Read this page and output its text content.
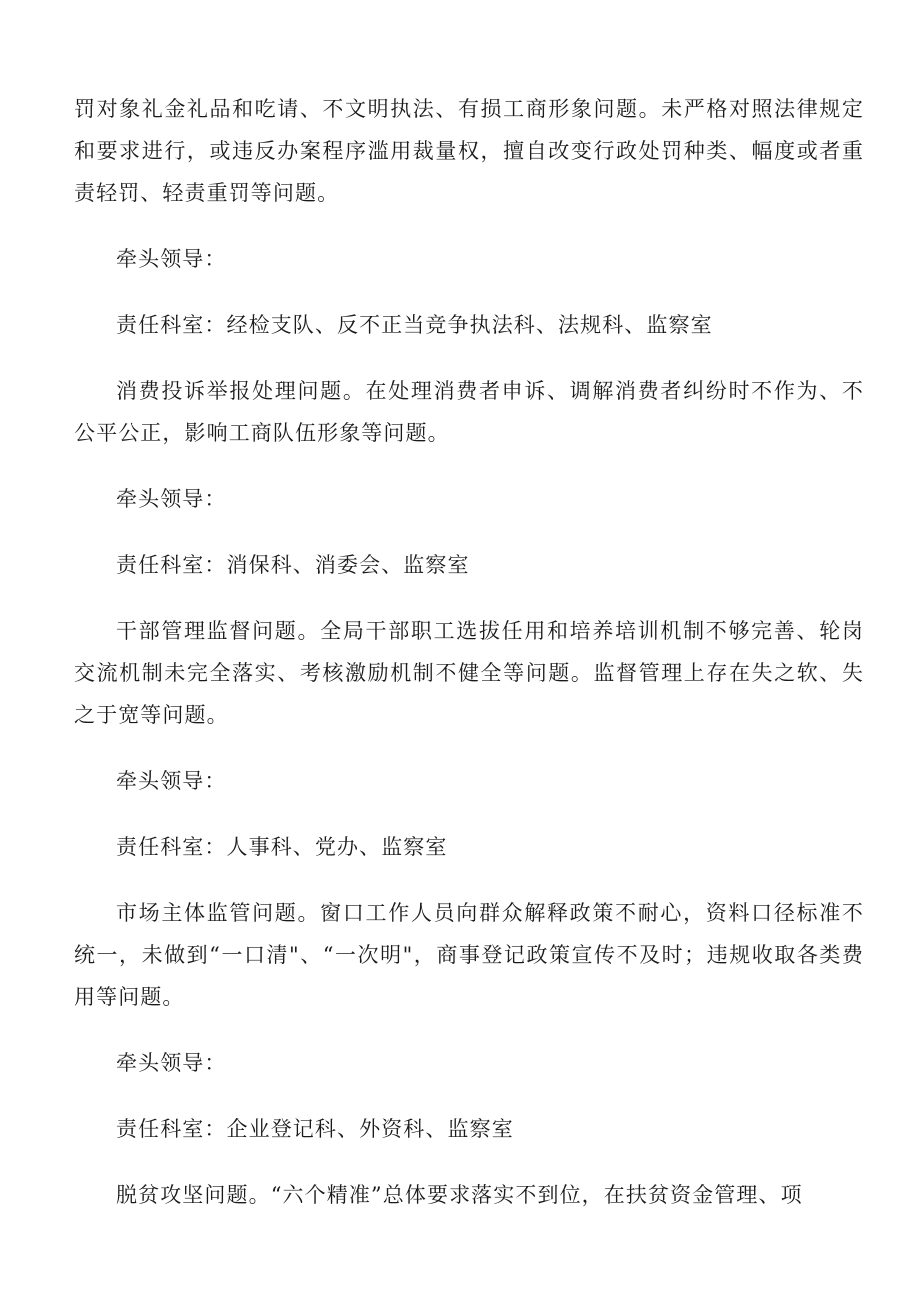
罚对象礼金礼品和吃请、不文明执法、有损工商形象问题。未严格对照法律规定和要求进行，或违反办案程序滥用裁量权，擅自改变行政处罚种类、幅度或者重责轻罚、轻责重罚等问题。

牵头领导：

责任科室：经检支队、反不正当竞争执法科、法规科、监察室

消费投诉举报处理问题。在处理消费者申诉、调解消费者纠纷时不作为、不公平公正，影响工商队伍形象等问题。

牵头领导：

责任科室：消保科、消委会、监察室

干部管理监督问题。全局干部职工选拔任用和培养培训机制不够完善、轮岗交流机制未完全落实、考核激励机制不健全等问题。监督管理上存在失之软、失之于宽等问题。

牵头领导：

责任科室：人事科、党办、监察室

市场主体监管问题。窗口工作人员向群众解释政策不耐心，资料口径标准不统一，未做到“一口清"、“一次明"，商事登记政策宣传不及时；违规收取各类费用等问题。

牵头领导：

责任科室：企业登记科、外资科、监察室

脱贫攻坚问题。“六个精准”总体要求落实不到位，在扶贫资金管理、项
